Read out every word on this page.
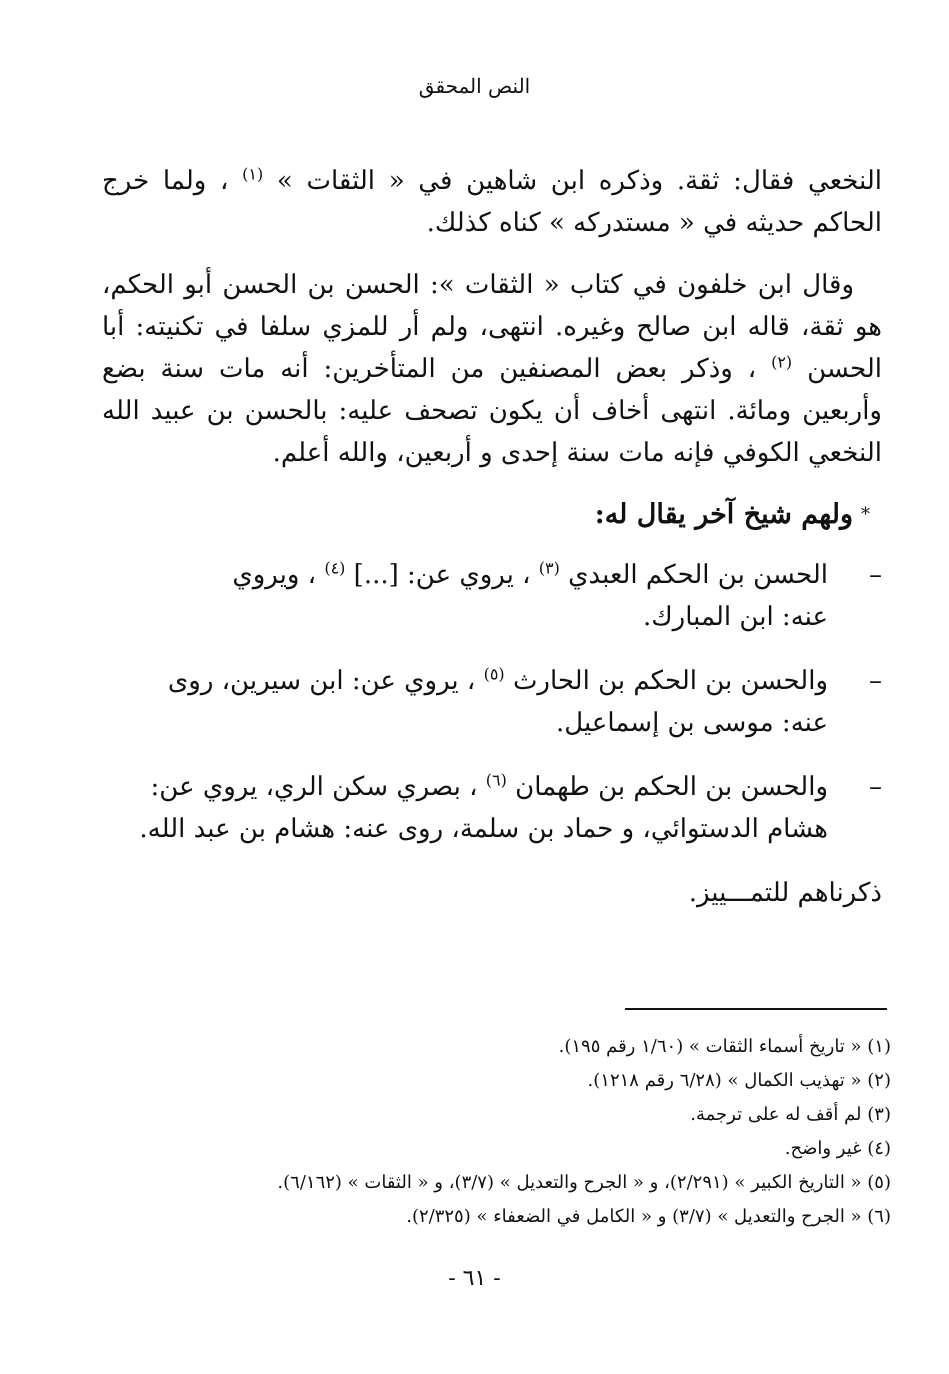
النص المحقق

النخعي فقال: ثقة. وذكره ابن شاهين في « الثقات » $^{(١)}$ ، ولما خرج الحاكم حديثه في « مستدركه » كناه كذلك.

وقال ابن خلفون في كتاب « الثقات »: الحسن بن الحسن أبو الحكم، هو ثقة، قاله ابن صالح وغيره. انتهى، ولم أر للمزي سلفا في تكنيته: أبا الحسن $^{(٢)}$ ، وذكر بعض المصنفين من المتأخرين: أنه مات سنة بضع وأربعين ومائة. انتهى أخاف أن يكون تصحف عليه: بالحسن بن عبيد الله النخعي الكوفي فإنه مات سنة إحدى و أربعين، والله أعلم.

*ولهم شيخ آخر يقال له:
–الحسن بن الحكم العبدي $^{(٣)}$ ، يروي عن: [...] $^{(٤)}$ ، ويروي
عنه: ابن المبارك.
–والحسن بن الحكم بن الحارث $^{(٥)}$ ، يروي عن: ابن سيرين، روى
عنه: موسى بن إسماعيل.
–والحسن بن الحكم بن طهمان $^{(٦)}$ ، بصري سكن الري، يروي عن:
هشام الدستوائي، و حماد بن سلمة، روى عنه: هشام بن عبد الله.

ذكرناهم للتمـــييز.

(١) « تاريخ أسماء الثقات » (١/٦٠ رقم ١٩٥).
(٢) « تهذيب الكمال » (٦/٢٨ رقم ١٢١٨).
(٣) لم أقف له على ترجمة.
(٤) غير واضح.
(٥) « التاريخ الكبير » (٢/٢٩١)، و « الجرح والتعديل » (٣/٧)، و « الثقات » (٦/١٦٢).
(٦) « الجرح والتعديل » (٣/٧) و « الكامل في الضعفاء » (٢/٣٢٥).
- ٦١ -
